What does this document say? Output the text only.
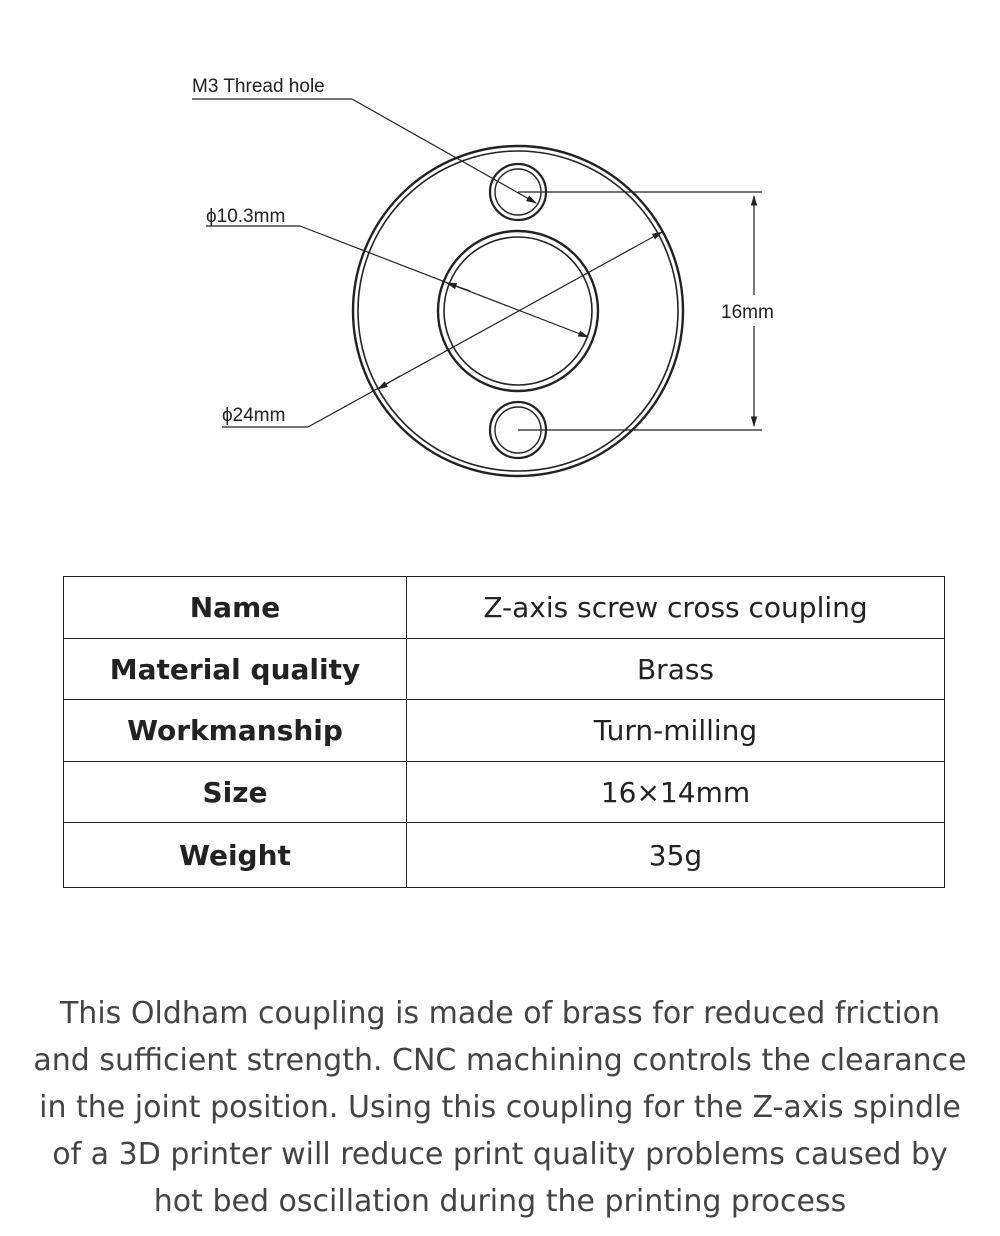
M3 Thread hole
ϕ10.3mm
ϕ24mm
16mm
Name	Z-axis screw cross coupling
Material quality	Brass
Workmanship	Turn-milling
Size	16×14mm
Weight	35g

This Oldham coupling is made of brass for reduced friction and sufficient strength. CNC machining controls the clearance in the joint position. Using this coupling for the Z-axis spindle of a 3D printer will reduce print quality problems caused by hot bed oscillation during the printing process
